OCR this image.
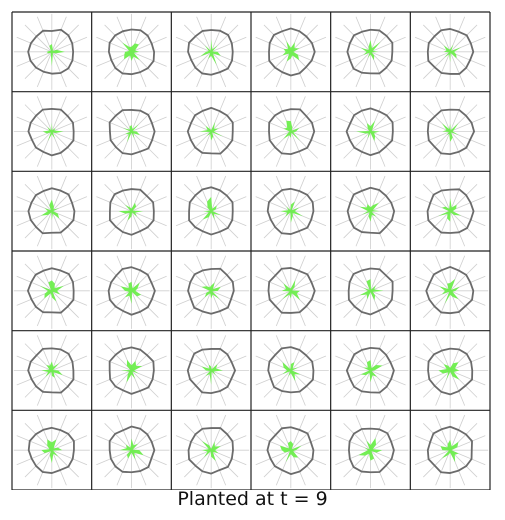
Planted at t = 9
